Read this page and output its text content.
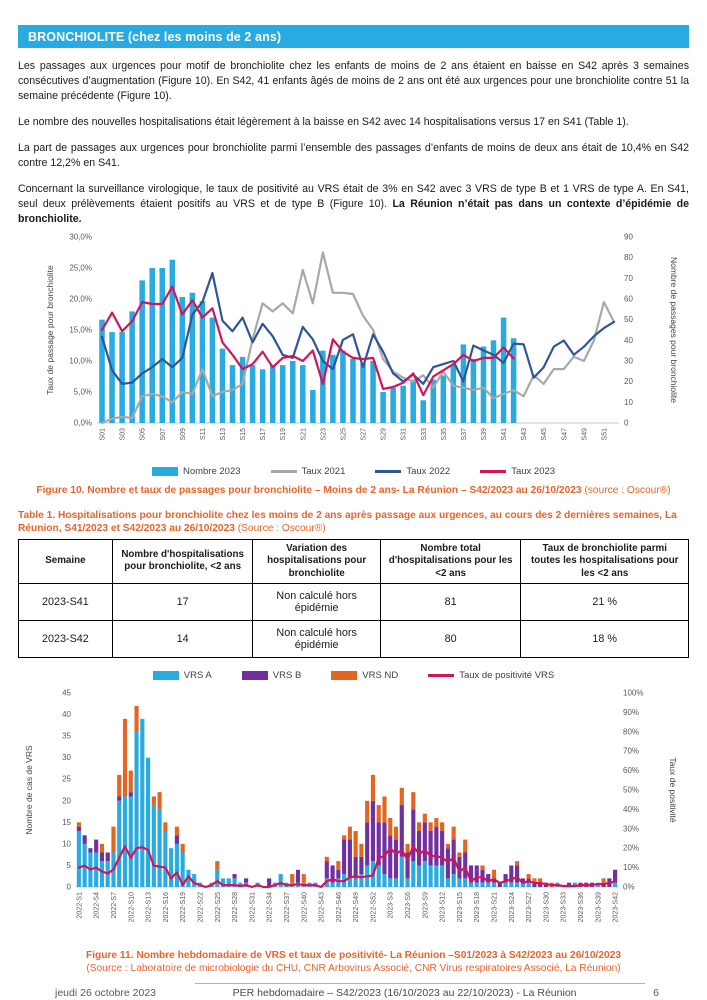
BRONCHIOLITE (chez les moins de 2 ans)

Les passages aux urgences pour motif de bronchiolite chez les enfants de moins de 2 ans étaient en baisse en S42 après 3 semaines consécutives d’augmentation (Figure 10). En S42, 41 enfants âgés de moins de 2 ans ont été aux urgences pour une bronchiolite contre 51 la semaine précédente (Figure 10).

Le nombre des nouvelles hospitalisations était légèrement à la baisse en S42 avec 14 hospitalisations versus 17 en S41 (Table 1).

La part de passages aux urgences pour bronchiolite parmi l’ensemble des passages d’enfants de moins de deux ans était de 10,4% en S42 contre 12,2% en S41.

Concernant la surveillance virologique, le taux de positivité au VRS était de 3% en S42 avec 3 VRS de type B et 1 VRS de type A. En S41, seul deux prélèvements étaient positifs au VRS et de type B (Figure 10). La Réunion n’était pas dans un contexte d’épidémie de bronchiolite.

0,0%
5,0%
10,0%
15,0%
20,0%
25,0%
30,0%
0
10
20
30
40
50
60
70
80
90
Taux de passage pour bronchiolite	Nombre de passages pour bronchiolite
S01 S03 S05 S07 S09 S11 S13 S15 S17 S19 S21 S23 S25 S27 S29 S31 S33 S35 S37 S39 S41 S43 S45 S47 S49 S51
Nombre 2023	Taux 2021	Taux 2022	Taux 2023
Figure 10. Nombre et taux de passages pour bronchiolite – Moins de 2 ans- La Réunion – S42/2023 au 26/10/2023 (source : Oscour®)
Table 1. Hospitalisations pour bronchiolite chez les moins de 2 ans après passage aux urgences, au cours des 2 dernières semaines, La Réunion, S41/2023 et S42/2023 au 26/10/2023 (Source : Oscour®)
Semaine	Nombre d'hospitalisations pour bronchiolite, <2 ans	Variation des hospitalisations pour bronchiolite	Nombre total d'hospitalisations pour les <2 ans	Taux de bronchiolite parmi toutes les hospitalisations pour les <2 ans
2023-S41	17	Non calculé hors épidémie	81	21 %
2023-S42	14	Non calculé hors épidémie	80	18 %
VRS A	VRS B	VRS ND	Taux de positivité VRS
0
5
10
15
20
25
30
35
40
45
0%
10%
20%
30%
40%
50%
60%
70%
80%
90%
100%
Nombre de cas de VRS	Taux de positivité
2022-S1 2022-S4 2022-S7 2022-S10 2022-S13 2022-S16 2022-S19 2022-S22 2022-S25 2022-S28 2022-S31 2022-S34 2022-S37 2022-S40 2022-S43 2022-S46 2022-S49 2022-S52 2023-S3 2023-S6 2023-S9 2023-S12 2023-S15 2023-S18 2023-S21 2023-S24 2023-S27 2023-S30 2023-S33 2023-S36 2023-S39 2023-S42
Figure 11. Nombre hebdomadaire de VRS et taux de positivité- La Réunion –S01/2023 à S42/2023 au 26/10/2023
(Source : Laboratoire de microbiologie du CHU, CNR Arbovirus Associé, CNR Virus respiratoires Associé, La Réunion)
jeudi 26 octobre 2023	PER hebdomadaire – S42/2023 (16/10/2023 au 22/10/2023) - La Réunion	6
